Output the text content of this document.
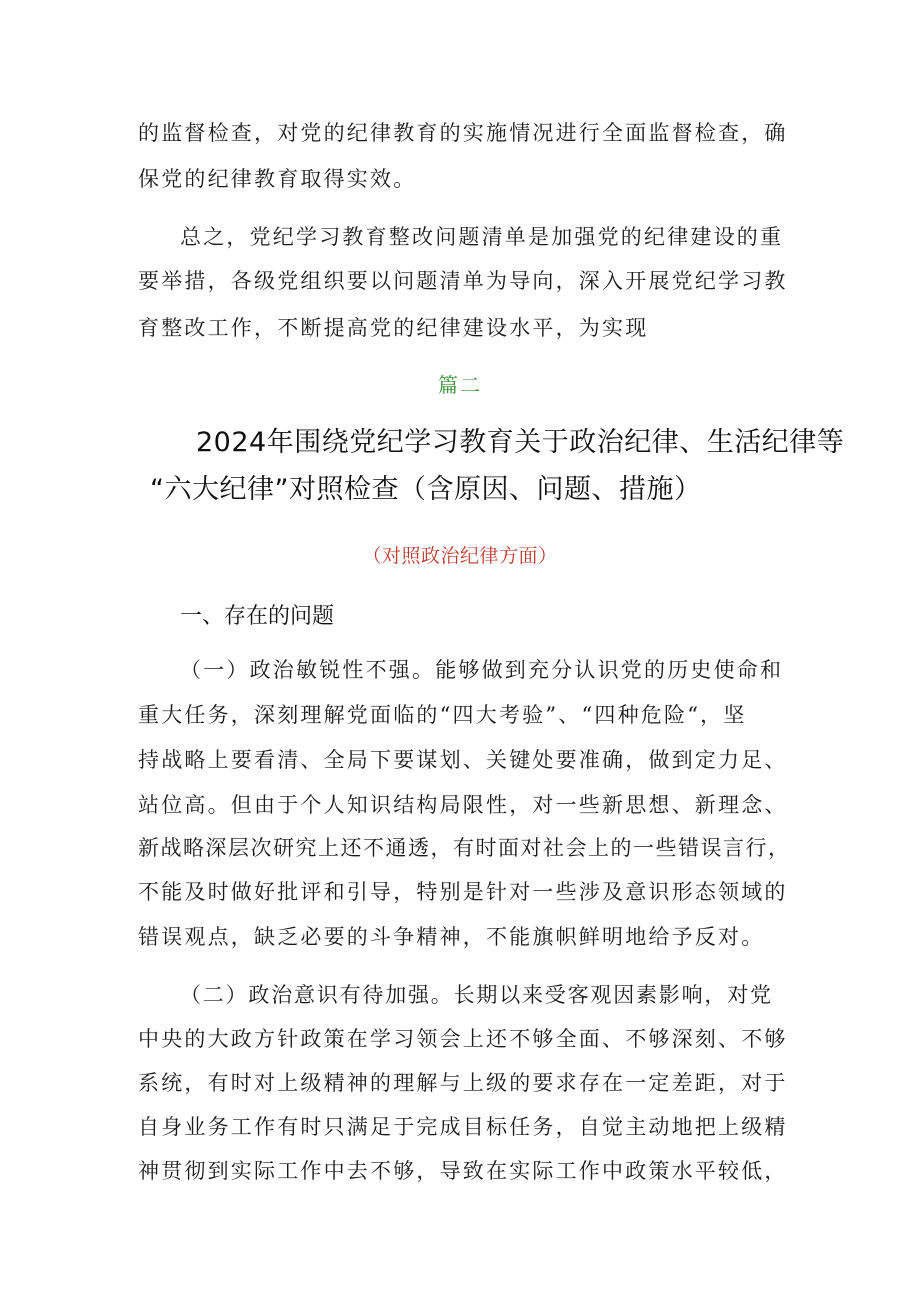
的监督检查，对党的纪律教育的实施情况进行全面监督检查，确
保党的纪律教育取得实效。
总之，党纪学习教育整改问题清单是加强党的纪律建设的重
要举措，各级党组织要以问题清单为导向，深入开展党纪学习教
育整改工作，不断提高党的纪律建设水平，为实现
篇二
2024年围绕党纪学习教育关于政治纪律、生活纪律等
“六大纪律”对照检查（含原因、问题、措施）
（对照政治纪律方面）
一、存在的问题
（一）政治敏锐性不强。能够做到充分认识党的历史使命和
重大任务，深刻理解党面临的“四大考验”、“四种危险“，坚
持战略上要看清、全局下要谋划、关键处要准确，做到定力足、
站位高。但由于个人知识结构局限性，对一些新思想、新理念、
新战略深层次研究上还不通透，有时面对社会上的一些错误言行，
不能及时做好批评和引导，特别是针对一些涉及意识形态领域的
错误观点，缺乏必要的斗争精神，不能旗帜鲜明地给予反对。
（二）政治意识有待加强。长期以来受客观因素影响，对党
中央的大政方针政策在学习领会上还不够全面、不够深刻、不够
系统，有时对上级精神的理解与上级的要求存在一定差距，对于
自身业务工作有时只满足于完成目标任务，自觉主动地把上级精
神贯彻到实际工作中去不够，导致在实际工作中政策水平较低，
